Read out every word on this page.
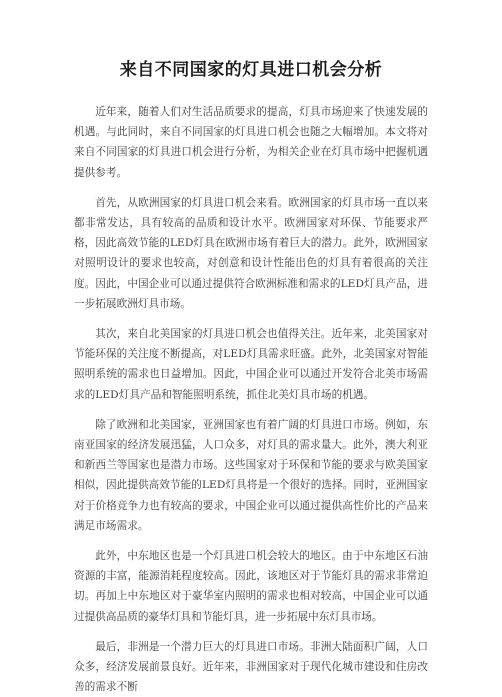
来自不同国家的灯具进口机会分析

近年来，随着人们对生活品质要求的提高，灯具市场迎来了快速发展的机遇。与此同时，来自不同国家的灯具进口机会也随之大幅增加。本文将对来自不同国家的灯具进口机会进行分析，为相关企业在灯具市场中把握机遇提供参考。

首先，从欧洲国家的灯具进口机会来看。欧洲国家的灯具市场一直以来都非常发达，具有较高的品质和设计水平。欧洲国家对环保、节能要求严格，因此高效节能的LED灯具在欧洲市场有着巨大的潜力。此外，欧洲国家对照明设计的要求也较高，对创意和设计性能出色的灯具有着很高的关注度。因此，中国企业可以通过提供符合欧洲标准和需求的LED灯具产品，进一步拓展欧洲灯具市场。

其次，来自北美国家的灯具进口机会也值得关注。近年来，北美国家对节能环保的关注度不断提高，对LED灯具需求旺盛。此外，北美国家对智能照明系统的需求也日益增加。因此，中国企业可以通过开发符合北美市场需求的LED灯具产品和智能照明系统，抓住北美灯具市场的机遇。

除了欧洲和北美国家，亚洲国家也有着广阔的灯具进口市场。例如，东南亚国家的经济发展迅猛，人口众多，对灯具的需求量大。此外，澳大利亚和新西兰等国家也是潜力市场。这些国家对于环保和节能的要求与欧美国家相似，因此提供高效节能的LED灯具将是一个很好的选择。同时，亚洲国家对于价格竞争力也有较高的要求，中国企业可以通过提供高性价比的产品来满足市场需求。

此外，中东地区也是一个灯具进口机会较大的地区。由于中东地区石油资源的丰富，能源消耗程度较高。因此，该地区对于节能灯具的需求非常迫切。再加上中东地区对于豪华室内照明的需求也相对较高，中国企业可以通过提供高品质的豪华灯具和节能灯具，进一步拓展中东灯具市场。

最后，非洲是一个潜力巨大的灯具进口市场。非洲大陆面积广阔，人口众多，经济发展前景良好。近年来，非洲国家对于现代化城市建设和住房改善的需求不断
